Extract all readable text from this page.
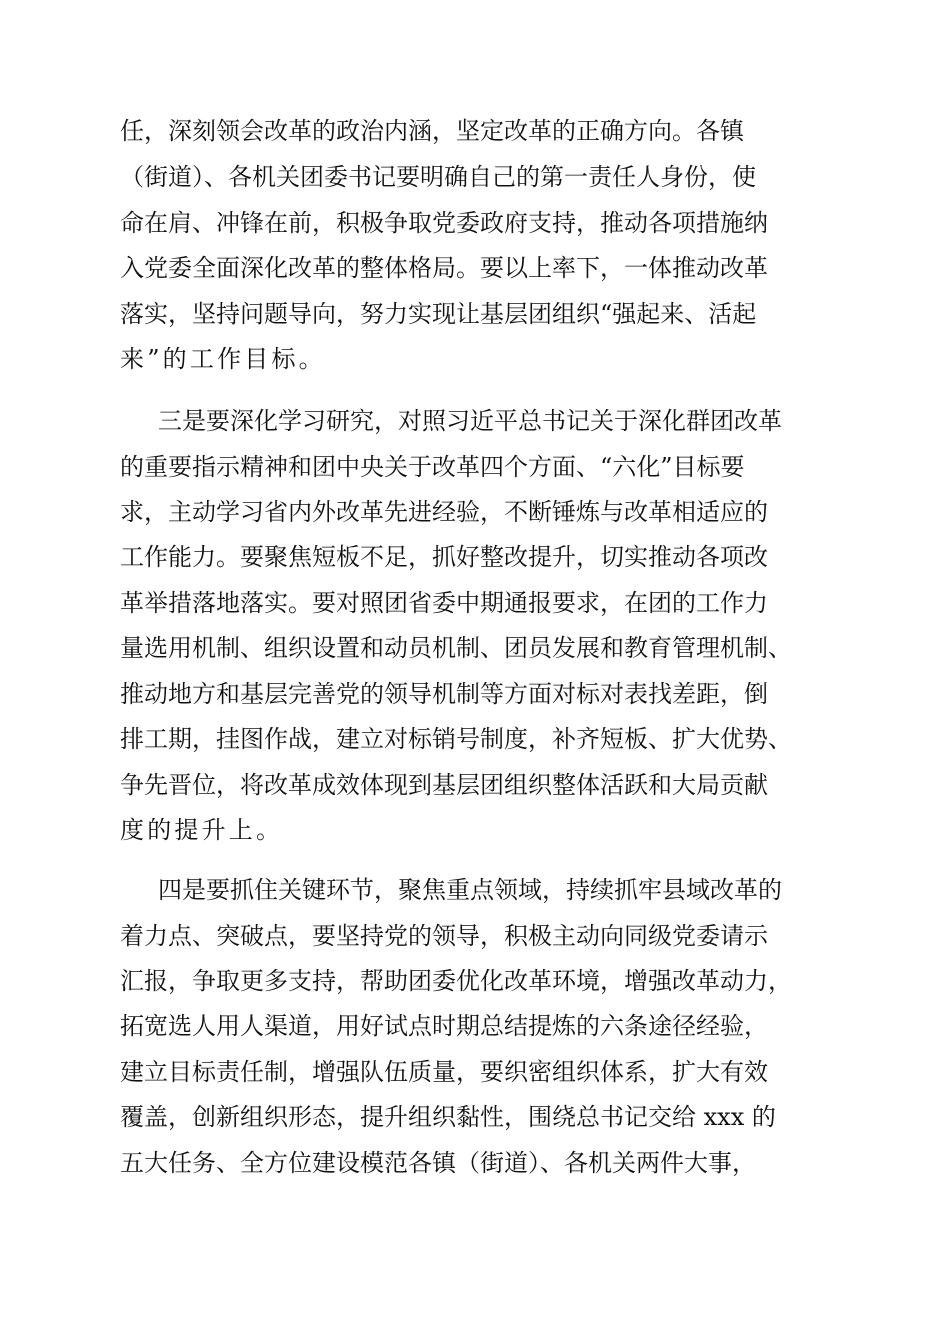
任，深刻领会改革的政治内涵，坚定改革的正确方向。各镇
（街道）、各机关团委书记要明确自己的第一责任人身份，使
命在肩、冲锋在前，积极争取党委政府支持，推动各项措施纳
入党委全面深化改革的整体格局。要以上率下，一体推动改革
落实，坚持问题导向，努力实现让基层团组织“强起来、活起
来”的工作目标。
三是要深化学习研究，对照习近平总书记关于深化群团改革
的重要指示精神和团中央关于改革四个方面、“六化”目标要
求，主动学习省内外改革先进经验，不断锤炼与改革相适应的
工作能力。要聚焦短板不足，抓好整改提升，切实推动各项改
革举措落地落实。要对照团省委中期通报要求，在团的工作力
量选用机制、组织设置和动员机制、团员发展和教育管理机制、
推动地方和基层完善党的领导机制等方面对标对表找差距，倒
排工期，挂图作战，建立对标销号制度，补齐短板、扩大优势、
争先晋位，将改革成效体现到基层团组织整体活跃和大局贡献
度的提升上。
四是要抓住关键环节，聚焦重点领域，持续抓牢县域改革的
着力点、突破点，要坚持党的领导，积极主动向同级党委请示
汇报，争取更多支持，帮助团委优化改革环境，增强改革动力，
拓宽选人用人渠道，用好试点时期总结提炼的六条途径经验，
建立目标责任制，增强队伍质量，要织密组织体系，扩大有效
覆盖，创新组织形态，提升组织黏性，围绕总书记交给 xxx 的
五大任务、全方位建设模范各镇（街道）、各机关两件大事，
